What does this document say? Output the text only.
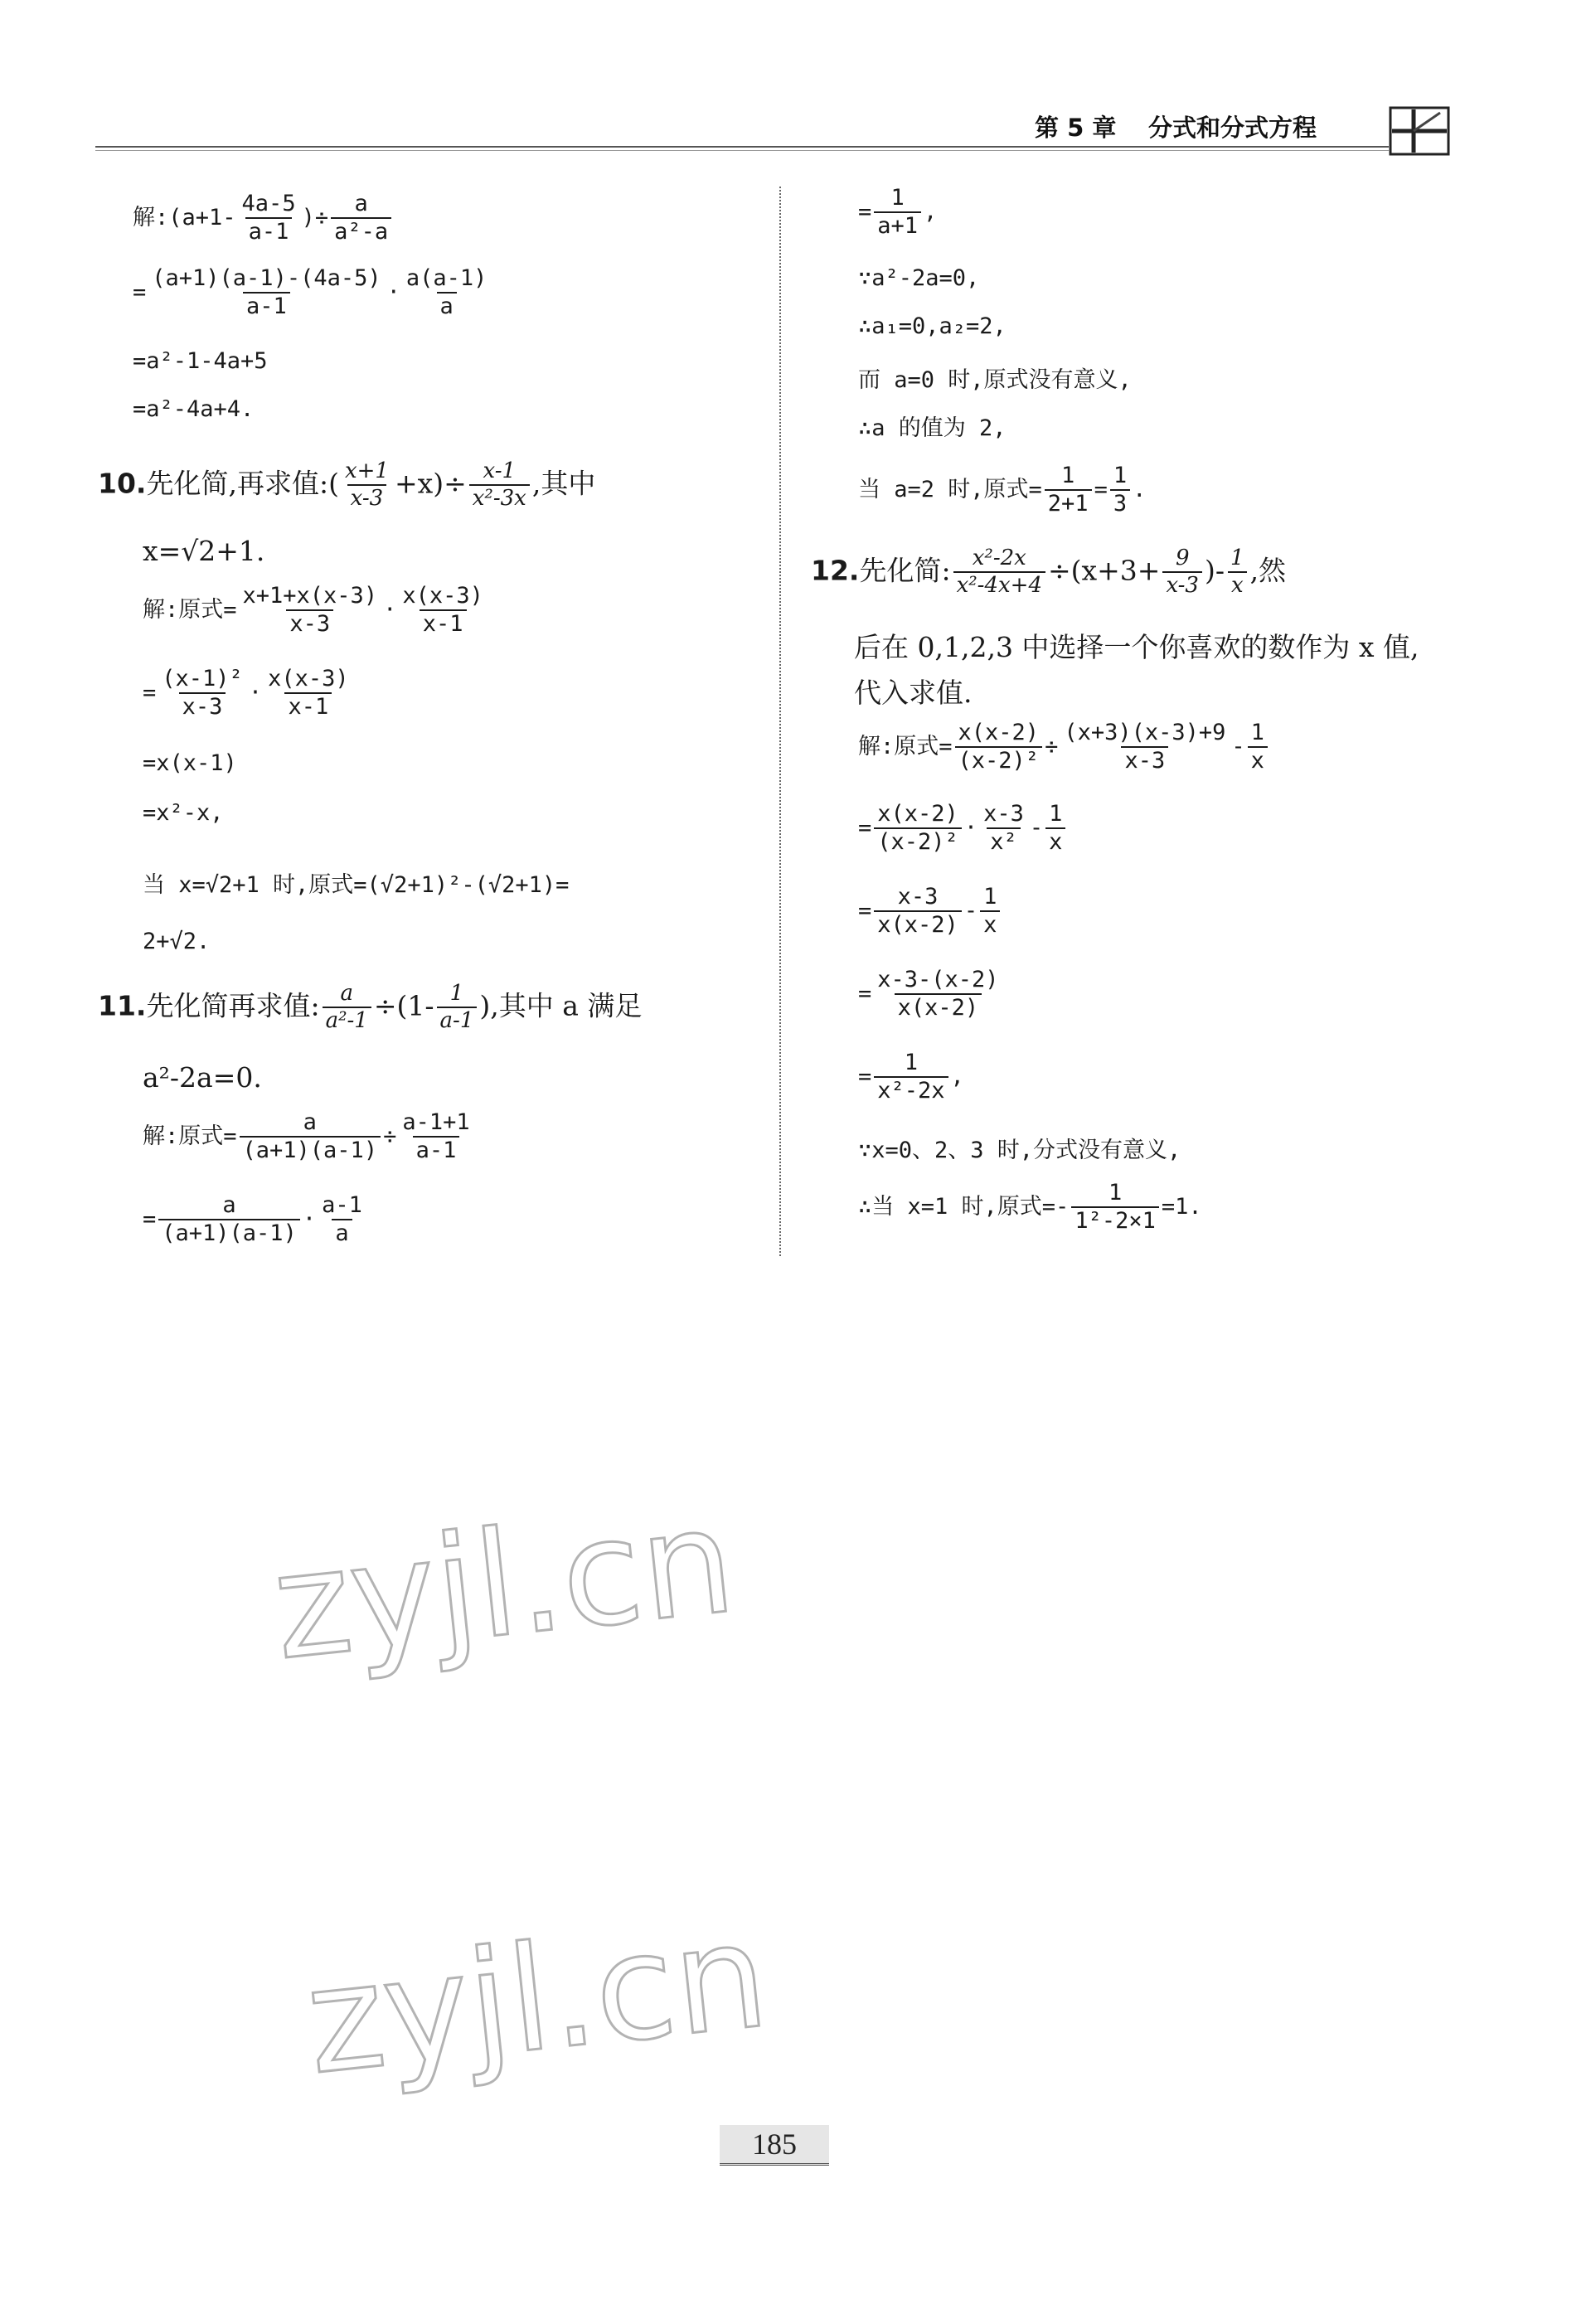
第 5 章 分式和分式方程
解:(a+1- $\frac{4a-5}{a-1}$ )÷ $\frac{a}{\text{a²-a}}$
= $\frac{(a+1)(a-1)-(4a-5)}{a-1} \cdot \frac{a(a-1)}{a}$
=a²-1-4a+5
=a²-4a+4.
10.先化简,再求值:( $\frac{x+1}{x-3} +x)\div \frac{x-1}{\text{x²-3x}}$ ,其中
x=√2+1.
解:原式= $\frac{x+1+x(x-3)}{x-3} \cdot \frac{x(x-3)}{x-1}$
= $\frac{\text{(x-1)²}}{x-3} \cdot \frac{x(x-3)}{x-1}$
=x(x-1)
=x²-x,
当 x=√2+1 时,原式=(√2+1)²-(√2+1)=
2+√2.
11.先化简再求值: $\frac{a}{\text{a²-1}} \div(1- \frac{1}{a-1}$ ),其中 a 满足
a²-2a=0.
解:原式= $\frac{a}{(a+1)(a-1)} \div \frac{a-1+1}{a-1}$
= $\frac{a}{(a+1)(a-1)} \cdot \frac{a-1}{a}$
= $\frac{1}{a+1}$ ,
∵a²-2a=0,
∴a₁=0,a₂=2,
而 a=0 时,原式没有意义,
∴a 的值为 2,
当 a=2 时,原式= $\frac{1}{2+1} = \frac{1}{3}$ .
12.先化简: $\frac{\text{x²-2x}}{\text{x²-4x+4}} \div(x+3+ \frac{9}{x-3}$ )- $\frac{1}{x}$ ,然
后在 0,1,2,3 中选择一个你喜欢的数作为 x 值,
代入求值.
解:原式= $\frac{x(x-2)}{\text{(x-2)²}} \div \frac{(x+3)(x-3)+9}{x-3} - \frac{1}{x}$
= $\frac{x(x-2)}{\text{(x-2)²}} \cdot \frac{x-3}{\text{x²}} - \frac{1}{x}$
= $\frac{x-3}{x(x-2)} - \frac{1}{x}$
= $\frac{x-3-(x-2)}{x(x-2)}$
= $\frac{1}{\text{x²-2x}}$ ,
∵x=0、2、3 时,分式没有意义,
∴当 x=1 时,原式=- $\frac{1}{\text{1²-2×1}} =1$.
zyjl.cn
zyjl.cn
185
